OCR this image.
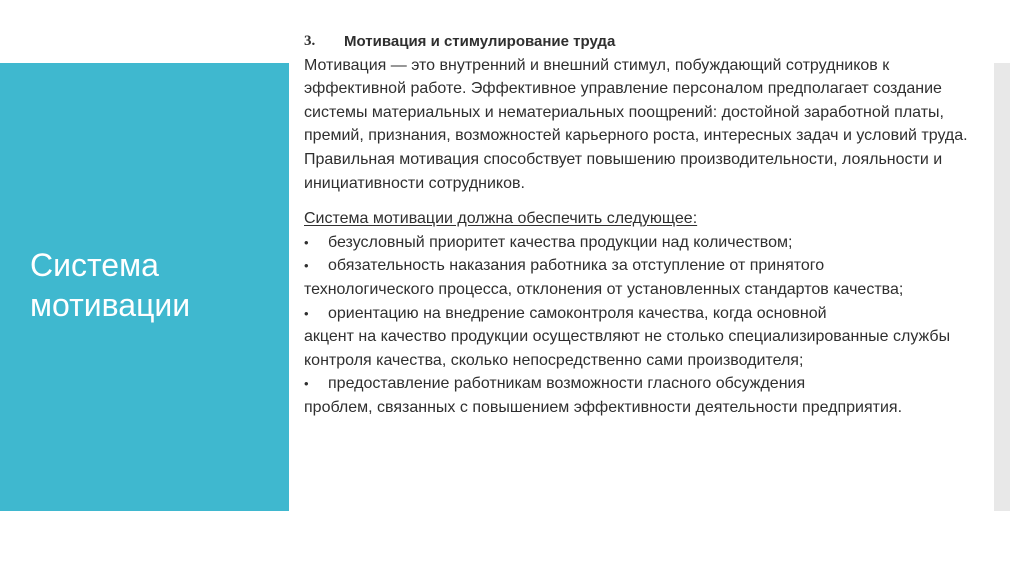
Система
мотивации
3.	Мотивация и стимулирование труда

Мотивация — это внутренний и внешний стимул, побуждающий сотрудников к эффективной работе. Эффективное управление персоналом предполагает создание системы материальных и нематериальных поощрений: достойной заработной платы, премий, признания, возможностей карьерного роста, интересных задач и условий труда. Правильная мотивация способствует повышению производительности, лояльности и инициативности сотрудников.

Система мотивации должна обеспечить следующее:

•	безусловный приоритет качества продукции над количеством;
•	обязательность наказания работника за отступление от принятого

технологического процесса, отклонения от установленных стандартов качества;

•	ориентацию на внедрение самоконтроля качества, когда основной

акцент на качество продукции осуществляют не столько специализированные службы контроля качества, сколько непосредственно сами производителя;

•	предоставление работникам возможности гласного обсуждения

проблем, связанных с повышением эффективности деятельности предприятия.
